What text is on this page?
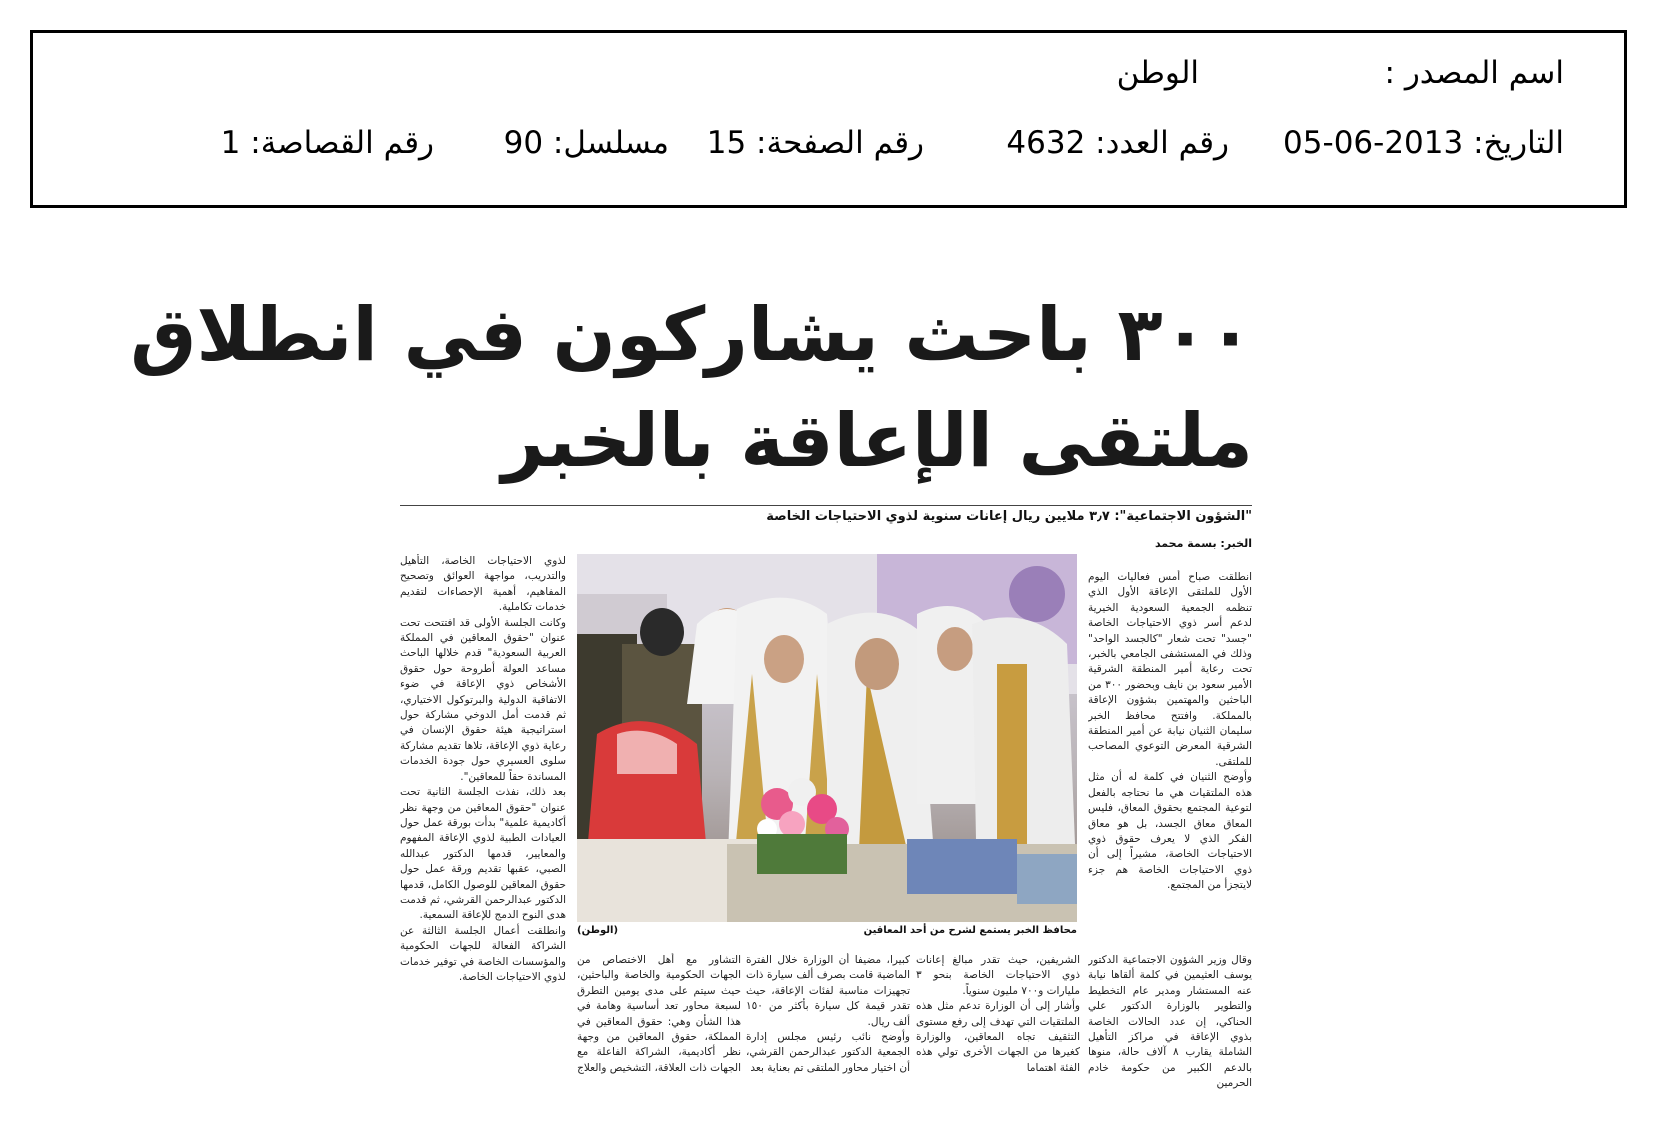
اسم المصدر :
الوطن
التاريخ: 2013-06-05
رقم العدد: 4632
رقم الصفحة: 15
مسلسل: 90
رقم القصاصة: 1
٣٠٠ باحث يشاركون في انطلاق
ملتقى الإعاقة بالخبر
"الشؤون الاجتماعية": ٣٫٧ ملايين ريال إعانات سنوية لذوي الاحتياجات الخاصة
الخبر: بسمة محمد
انطلقت صباح أمس فعاليات اليوم الأول للملتقى الإعاقة الأول الذي تنظمه الجمعية السعودية الخيرية لدعم أسر ذوي الاحتياجات الخاصة "جسد" تحت شعار "كالجسد الواحد" وذلك في المستشفى الجامعي بالخبر، تحت رعاية أمير المنطقة الشرقية الأمير سعود بن نايف وبحضور ٣٠٠ من الباحثين والمهتمين بشؤون الإعاقة بالمملكة. وافتتح محافظ الخبر سليمان الثنيان نيابة عن أمير المنطقة الشرقية المعرض التوعوي المصاحب للملتقى.
وأوضح الثنيان في كلمة له أن مثل هذه الملتقيات هي ما نحتاجه بالفعل لتوعية المجتمع بحقوق المعاق، فليس المعاق معاق الجسد، بل هو معاق الفكر الذي لا يعرف حقوق ذوي الاحتياجات الخاصة، مشيراً إلى أن ذوي الاحتياجات الخاصة هم جزء لايتجزأ من المجتمع.
وقال وزير الشؤون الاجتماعية الدكتور يوسف العثيمين في كلمة ألقاها نيابة عنه المستشار ومدير عام التخطيط والتطوير بالوزارة الدكتور علي الحناكي، إن عدد الحالات الخاصة بذوي الإعاقة في مراكز التأهيل الشاملة يقارب ٨ آلاف حالة، منوها بالدعم الكبير من حكومة خادم الحرمين
الشريفين، حيث تقدر مبالغ إعانات ذوي الاحتياجات الخاصة بنحو ٣ مليارات و٧٠٠ مليون سنوياً.
وأشار إلى أن الوزارة تدعم مثل هذه الملتقيات التي تهدف إلى رفع مستوى التثقيف تجاه المعاقين، والوزارة كغيرها من الجهات الأخرى تولي هذه الفئة اهتماما
كبيرا، مضيفا أن الوزارة خلال الفترة الماضية قامت بصرف ألف سيارة ذات تجهيزات مناسبة لفئات الإعاقة، حيث تقدر قيمة كل سيارة بأكثر من ١٥٠ ألف ريال.
وأوضح نائب رئيس مجلس إدارة الجمعية الدكتور عبدالرحمن القرشي، أن اختيار محاور الملتقى تم بعناية بعد
التشاور مع أهل الاختصاص من الجهات الحكومية والخاصة والباحثين، حيث سيتم على مدى يومين التطرق لسبعة محاور تعد أساسية وهامة في هذا الشأن وهي: حقوق المعاقين في المملكة، حقوق المعاقين من وجهة نظر أكاديمية، الشراكة الفاعلة مع الجهات ذات العلاقة، التشخيص والعلاج
لذوي الاحتياجات الخاصة، التأهيل والتدريب، مواجهة العوائق وتصحيح المفاهيم، أهمية الإحصاءات لتقديم خدمات تكاملية.
وكانت الجلسة الأولى قد افتتحت تحت عنوان "حقوق المعاقين في المملكة العربية السعودية" قدم خلالها الباحث مساعد العولة أطروحة حول حقوق الأشخاص ذوي الإعاقة في ضوء الاتفاقية الدولية والبرتوكول الاختياري، ثم قدمت أمل الدوخي مشاركة حول استراتيجية هيئة حقوق الإنسان في رعاية ذوي الإعاقة، تلاها تقديم مشاركة سلوى العسيري حول جودة الخدمات المساندة حقاً للمعاقين".
بعد ذلك، نفذت الجلسة الثانية تحت عنوان "حقوق المعاقين من وجهة نظر أكاديمية علمية" بدأت بورقة عمل حول العيادات الطبية لذوي الإعاقة المفهوم والمعايير، قدمها الدكتور عبدالله الصبي، عقبها تقديم ورقة عمل حول حقوق المعاقين للوصول الكامل، قدمها الدكتور عبدالرحمن القرشي، ثم قدمت هدى النوح الدمج للإعاقة السمعية.
وانطلقت أعمال الجلسة الثالثة عن الشراكة الفعالة للجهات الحكومية والمؤسسات الخاصة في توفير خدمات لذوي الاحتياجات الخاصة.
محافظ الخبر يستمع لشرح من أحد المعاقين
(الوطن)
